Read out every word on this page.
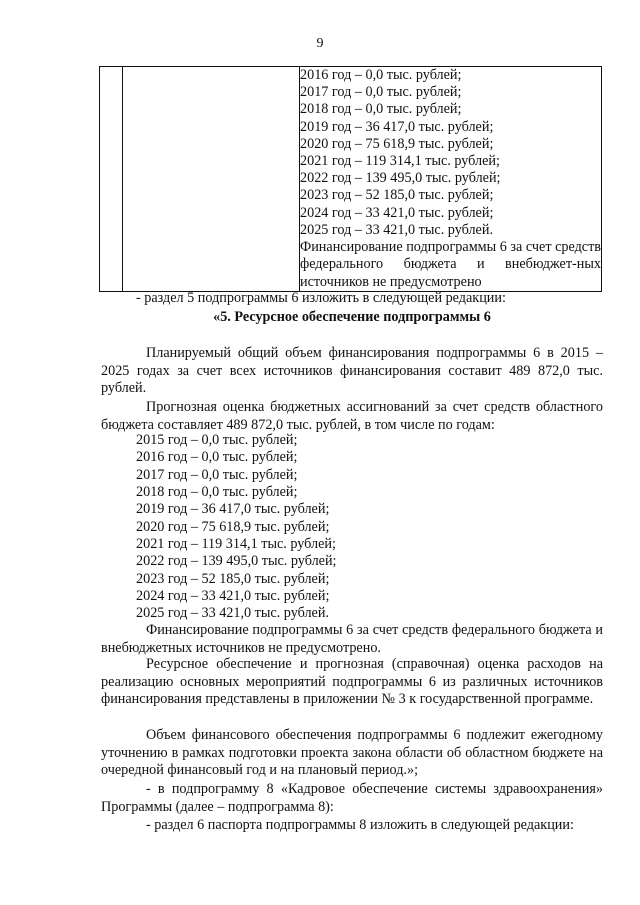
9

2016 год – 0,0 тыс. рублей;
2017 год – 0,0 тыс. рублей;
2018 год – 0,0 тыс. рублей;
2019 год – 36 417,0 тыс. рублей;
2020 год – 75 618,9 тыс. рублей;
2021 год – 119 314,1 тыс. рублей;
2022 год – 139 495,0 тыс. рублей;
2023 год – 52 185,0 тыс. рублей;
2024 год – 33 421,0 тыс. рублей;
2025 год – 33 421,0 тыс. рублей.
Финансирование подпрограммы 6 за счет средств федерального бюджета и внебюджет-ных источников не предусмотрено

- раздел 5 подпрограммы 6 изложить в следующей редакции:

«5. Ресурсное обеспечение подпрограммы 6

Планируемый общий объем финансирования подпрограммы 6 в 2015 – 2025 годах за счет всех источников финансирования составит 489 872,0 тыс. рублей.

Прогнозная оценка бюджетных ассигнований за счет средств областного бюджета составляет 489 872,0 тыс. рублей, в том числе по годам:

2015 год – 0,0 тыс. рублей;
2016 год – 0,0 тыс. рублей;
2017 год – 0,0 тыс. рублей;
2018 год – 0,0 тыс. рублей;
2019 год – 36 417,0 тыс. рублей;
2020 год – 75 618,9 тыс. рублей;
2021 год – 119 314,1 тыс. рублей;
2022 год – 139 495,0 тыс. рублей;
2023 год – 52 185,0 тыс. рублей;
2024 год – 33 421,0 тыс. рублей;
2025 год – 33 421,0 тыс. рублей.

Финансирование подпрограммы 6 за счет средств федерального бюджета и внебюджетных источников не предусмотрено.

Ресурсное обеспечение и прогнозная (справочная) оценка расходов на реализацию основных мероприятий подпрограммы 6 из различных источников финансирования представлены в приложении № 3 к государственной программе.

Объем финансового обеспечения подпрограммы 6 подлежит ежегодному уточнению в рамках подготовки проекта закона области об областном бюджете на очередной финансовый год и на плановый период.»;

- в подпрограмму 8 «Кадровое обеспечение системы здравоохранения» Программы (далее – подпрограмма 8):

- раздел 6 паспорта подпрограммы 8 изложить в следующей редакции:
